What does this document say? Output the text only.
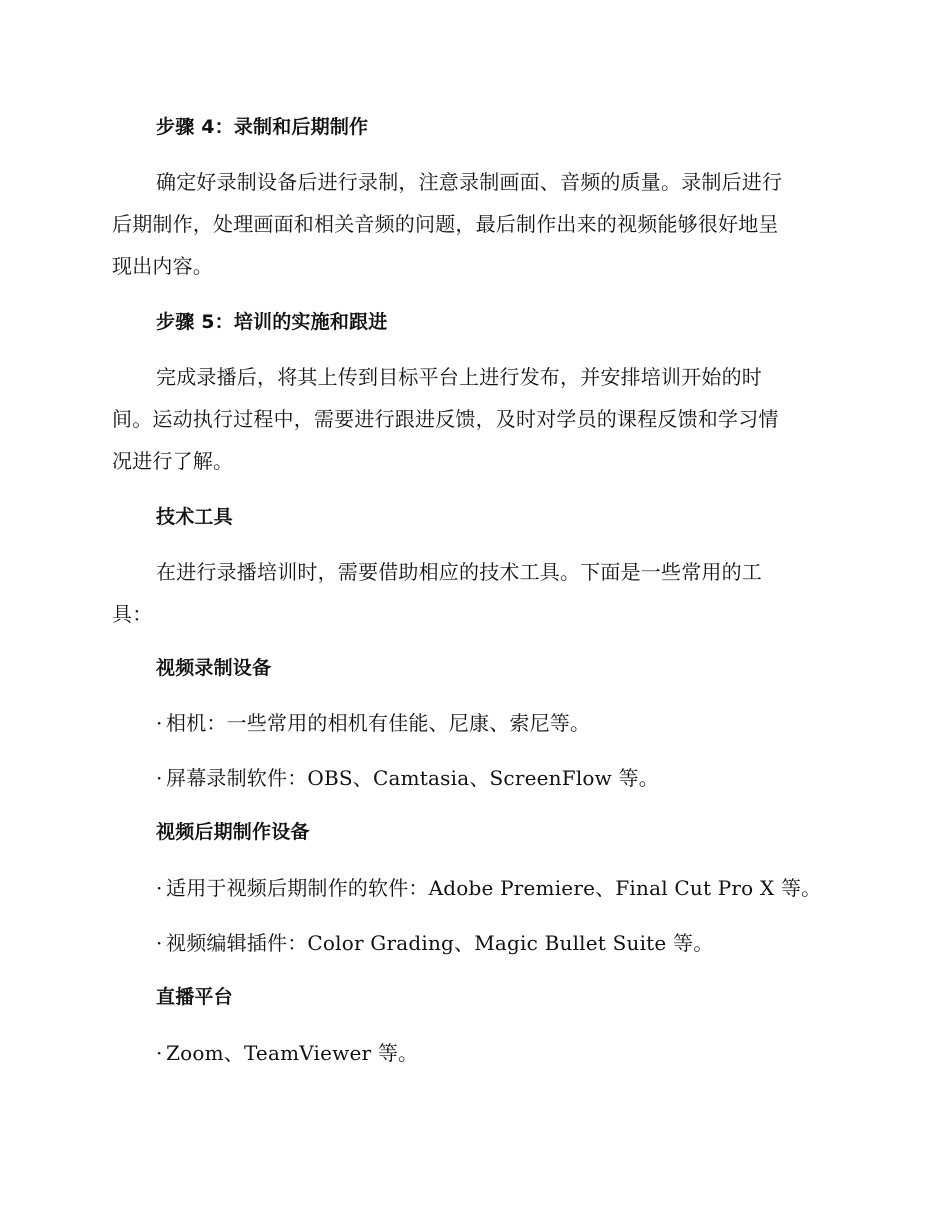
步骤 4：录制和后期制作
确定好录制设备后进行录制，注意录制画面、音频的质量。录制后进行
后期制作，处理画面和相关音频的问题，最后制作出来的视频能够很好地呈
现出内容。
步骤 5：培训的实施和跟进
完成录播后，将其上传到目标平台上进行发布，并安排培训开始的时
间。运动执行过程中，需要进行跟进反馈，及时对学员的课程反馈和学习情
况进行了解。
技术工具
在进行录播培训时，需要借助相应的技术工具。下面是一些常用的工
具：
视频录制设备
· 相机：一些常用的相机有佳能、尼康、索尼等。
· 屏幕录制软件：OBS、Camtasia、ScreenFlow 等。
视频后期制作设备
· 适用于视频后期制作的软件：Adobe Premiere、Final Cut Pro X 等。
· 视频编辑插件：Color Grading、Magic Bullet Suite 等。
直播平台
· Zoom、TeamViewer 等。
